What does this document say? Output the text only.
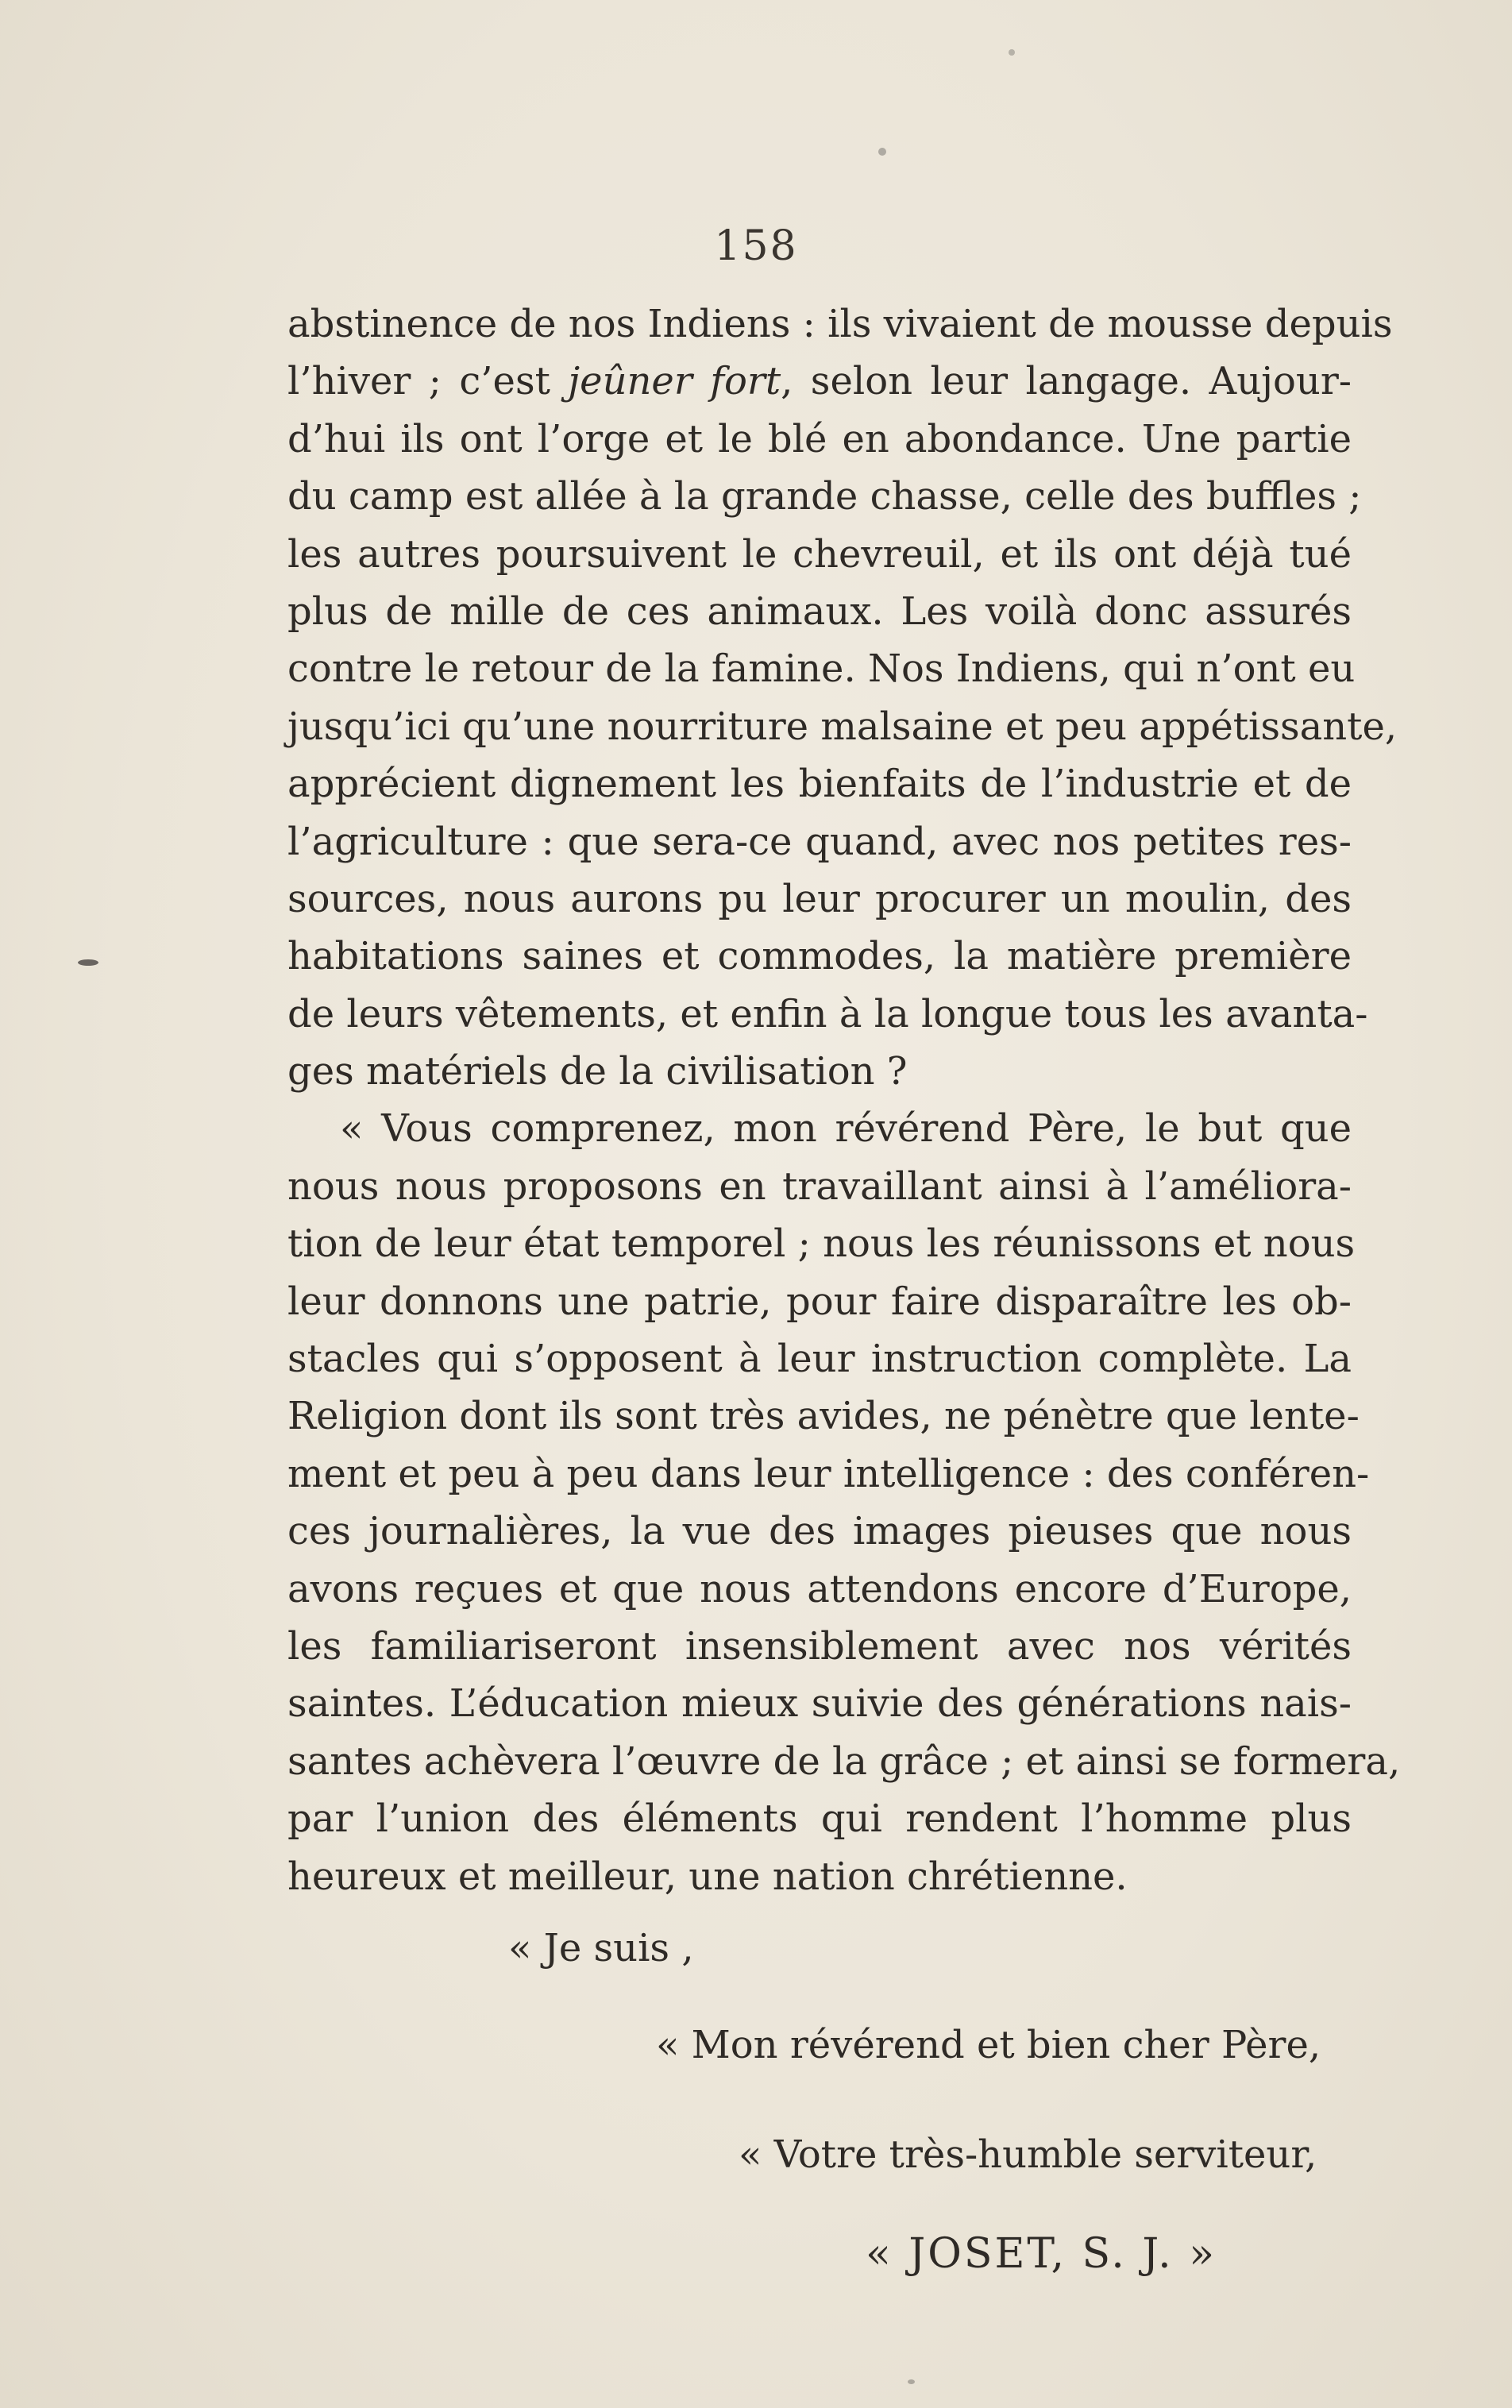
158
abstinence de nos Indiens : ils vivaient de mousse depuis
l’hiver ; c’est jeûner fort, selon leur langage. Aujour-
d’hui ils ont l’orge et le blé en abondance. Une partie
du camp est allée à la grande chasse, celle des buffles ;
les autres poursuivent le chevreuil, et ils ont déjà tué
plus de mille de ces animaux. Les voilà donc assurés
contre le retour de la famine. Nos Indiens, qui n’ont eu
jusqu’ici qu’une nourriture malsaine et peu appétissante,
apprécient dignement les bienfaits de l’industrie et de
l’agriculture : que sera-ce quand, avec nos petites res-
sources, nous aurons pu leur procurer un moulin, des
habitations saines et commodes, la matière première
de leurs vêtements, et enfin à la longue tous les avanta-
ges matériels de la civilisation ?
« Vous comprenez, mon révérend Père, le but que
nous nous proposons en travaillant ainsi à l’améliora-
tion de leur état temporel ; nous les réunissons et nous
leur donnons une patrie, pour faire disparaître les ob-
stacles qui s’opposent à leur instruction complète. La
Religion dont ils sont très avides, ne pénètre que lente-
ment et peu à peu dans leur intelligence : des conféren-
ces journalières, la vue des images pieuses que nous
avons reçues et que nous attendons encore d’Europe,
les familiariseront insensiblement avec nos vérités
saintes. L’éducation mieux suivie des générations nais-
santes achèvera l’œuvre de la grâce ; et ainsi se formera,
par l’union des éléments qui rendent l’homme plus
heureux et meilleur, une nation chrétienne.
« Je suis ,
« Mon révérend et bien cher Père,
« Votre très-humble serviteur,
« JOSET, S. J. »
